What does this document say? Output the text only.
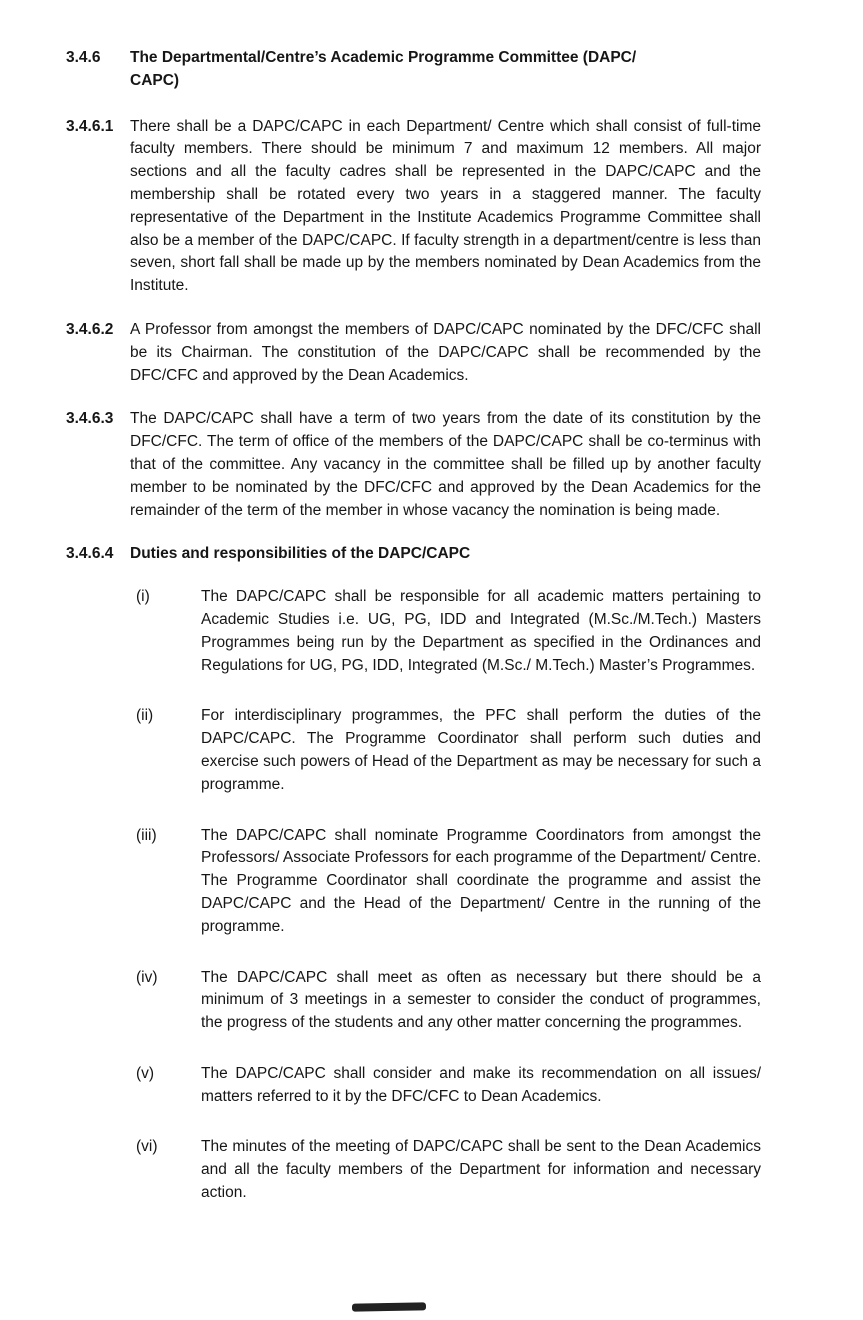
3.4.6 The Departmental/Centre’s Academic Programme Committee (DAPC/
CAPC)
3.4.6.1 There shall be a DAPC/CAPC in each Department/ Centre which shall consist of full-time faculty members. There should be minimum 7 and maximum 12 members. All major sections and all the faculty cadres shall be represented in the DAPC/CAPC and the membership shall be rotated every two years in a staggered manner. The faculty representative of the Department in the Institute Academics Programme Committee shall also be a member of the DAPC/CAPC. If faculty strength in a department/centre is less than seven, short fall shall be made up by the members nominated by Dean Academics from the Institute.
3.4.6.2 A Professor from amongst the members of DAPC/CAPC nominated by the DFC/CFC shall be its Chairman. The constitution of the DAPC/CAPC shall be recommended by the DFC/CFC and approved by the Dean Academics.
3.4.6.3 The DAPC/CAPC shall have a term of two years from the date of its constitution by the DFC/CFC. The term of office of the members of the DAPC/CAPC shall be co-terminus with that of the committee. Any vacancy in the committee shall be filled up by another faculty member to be nominated by the DFC/CFC and approved by the Dean Academics for the remainder of the term of the member in whose vacancy the nomination is being made.
3.4.6.4 Duties and responsibilities of the DAPC/CAPC
(i)	The DAPC/CAPC shall be responsible for all academic matters pertaining to Academic Studies i.e. UG, PG, IDD and Integrated (M.Sc./M.Tech.) Masters Programmes being run by the Department as specified in the Ordinances and Regulations for UG, PG, IDD, Integrated (M.Sc./ M.Tech.) Master’s Programmes.
(ii)	For interdisciplinary programmes, the PFC shall perform the duties of the DAPC/CAPC. The Programme Coordinator shall perform such duties and exercise such powers of Head of the Department as may be necessary for such a programme.
(iii)	The DAPC/CAPC shall nominate Programme Coordinators from amongst the Professors/ Associate Professors for each programme of the Department/ Centre. The Programme Coordinator shall coordinate the programme and assist the DAPC/CAPC and the Head of the Department/ Centre in the running of the programme.
(iv)	The DAPC/CAPC shall meet as often as necessary but there should be a minimum of 3 meetings in a semester to consider the conduct of programmes, the progress of the students and any other matter concerning the programmes.
(v)	The DAPC/CAPC shall consider and make its recommendation on all issues/ matters referred to it by the DFC/CFC to Dean Academics.
(vi)	The minutes of the meeting of DAPC/CAPC shall be sent to the Dean Academics and all the faculty members of the Department for information and necessary action.
